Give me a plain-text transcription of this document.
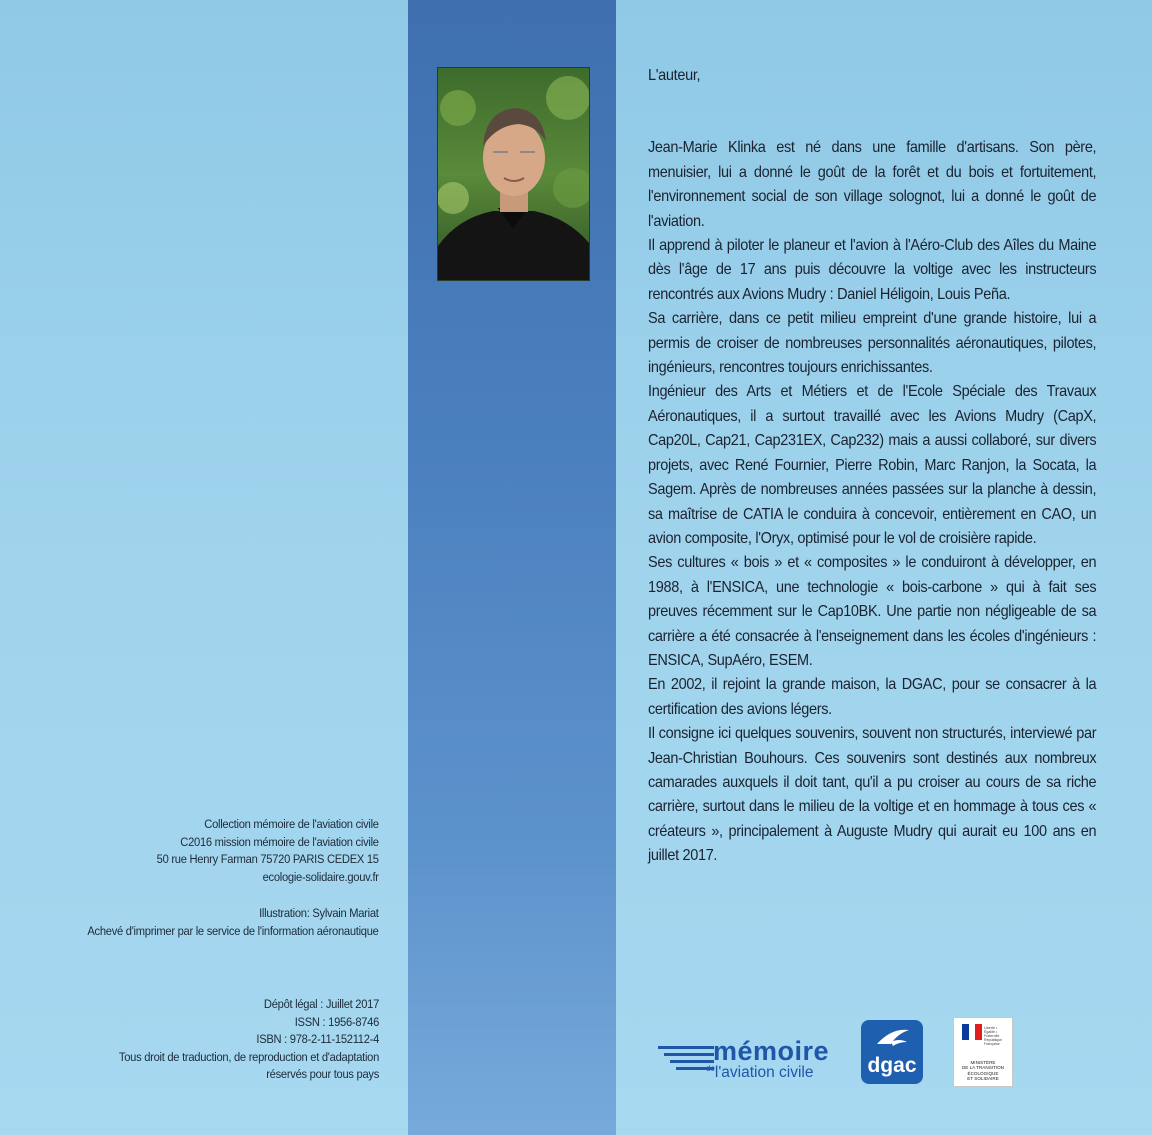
L'auteur,

Jean-Marie Klinka est né dans une famille d'artisans. Son père, menuisier, lui a donné le goût de la forêt et du bois et fortuitement, l'environnement social de son village solognot, lui a donné le goût de l'aviation.

Il apprend à piloter le planeur et l'avion à l'Aéro-Club des Aîles du Maine dès l'âge de 17 ans puis découvre la voltige avec les instructeurs rencontrés aux Avions Mudry : Daniel Héligoin, Louis Peña.

Sa carrière, dans ce petit milieu empreint d'une grande histoire, lui a permis de croiser de nombreuses personnalités aéronautiques, pilotes, ingénieurs, rencontres toujours enrichissantes.

Ingénieur des Arts et Métiers et de l'Ecole Spéciale des Travaux Aéronautiques, il a surtout travaillé avec les Avions Mudry (CapX, Cap20L, Cap21, Cap231EX, Cap232) mais a aussi collaboré, sur divers projets, avec René Fournier, Pierre Robin, Marc Ranjon, la Socata, la Sagem. Après de nombreuses années passées sur la planche à dessin, sa maîtrise de CATIA le conduira à concevoir, entièrement en CAO, un avion composite, l'Oryx, optimisé pour le vol de croisière rapide.

Ses cultures « bois » et « composites » le conduiront à développer, en 1988, à l'ENSICA, une technologie « bois-carbone » qui à fait ses preuves récemment sur le Cap10BK. Une partie non négligeable de sa carrière a été consacrée à l'enseignement dans les écoles d'ingénieurs : ENSICA, SupAéro, ESEM.

En 2002, il rejoint la grande maison, la DGAC, pour se consacrer à la certification des avions légers.

Il consigne ici quelques souvenirs, souvent non structurés, interviewé par Jean-Christian Bouhours. Ces souvenirs sont destinés aux nombreux camarades auxquels il doit tant, qu'il a pu croiser au cours de sa riche carrière, surtout dans le milieu de la voltige et en hommage à tous ces « créateurs », principalement à Auguste Mudry qui aurait eu 100 ans en juillet 2017.

Collection mémoire de l'aviation civile

C2016 mission mémoire de l'aviation civile

50 rue Henry Farman 75720 PARIS CEDEX 15

ecologie-solidaire.gouv.fr

Illustration: Sylvain Mariat

Achevé d'imprimer par le service de l'information aéronautique

Dépôt légal : Juillet 2017

ISSN : 1956-8746

ISBN : 978-2-11-152112-4

Tous droit de traduction, de reproduction et d'adaptation

réservés pour tous pays

mémoire
$^{de}$l'aviation civile	dgac
Liberté • Égalité • Fraternité République Française
MINISTÈRE
DE LA TRANSITION
ÉCOLOGIQUE
ET SOLIDAIRE
